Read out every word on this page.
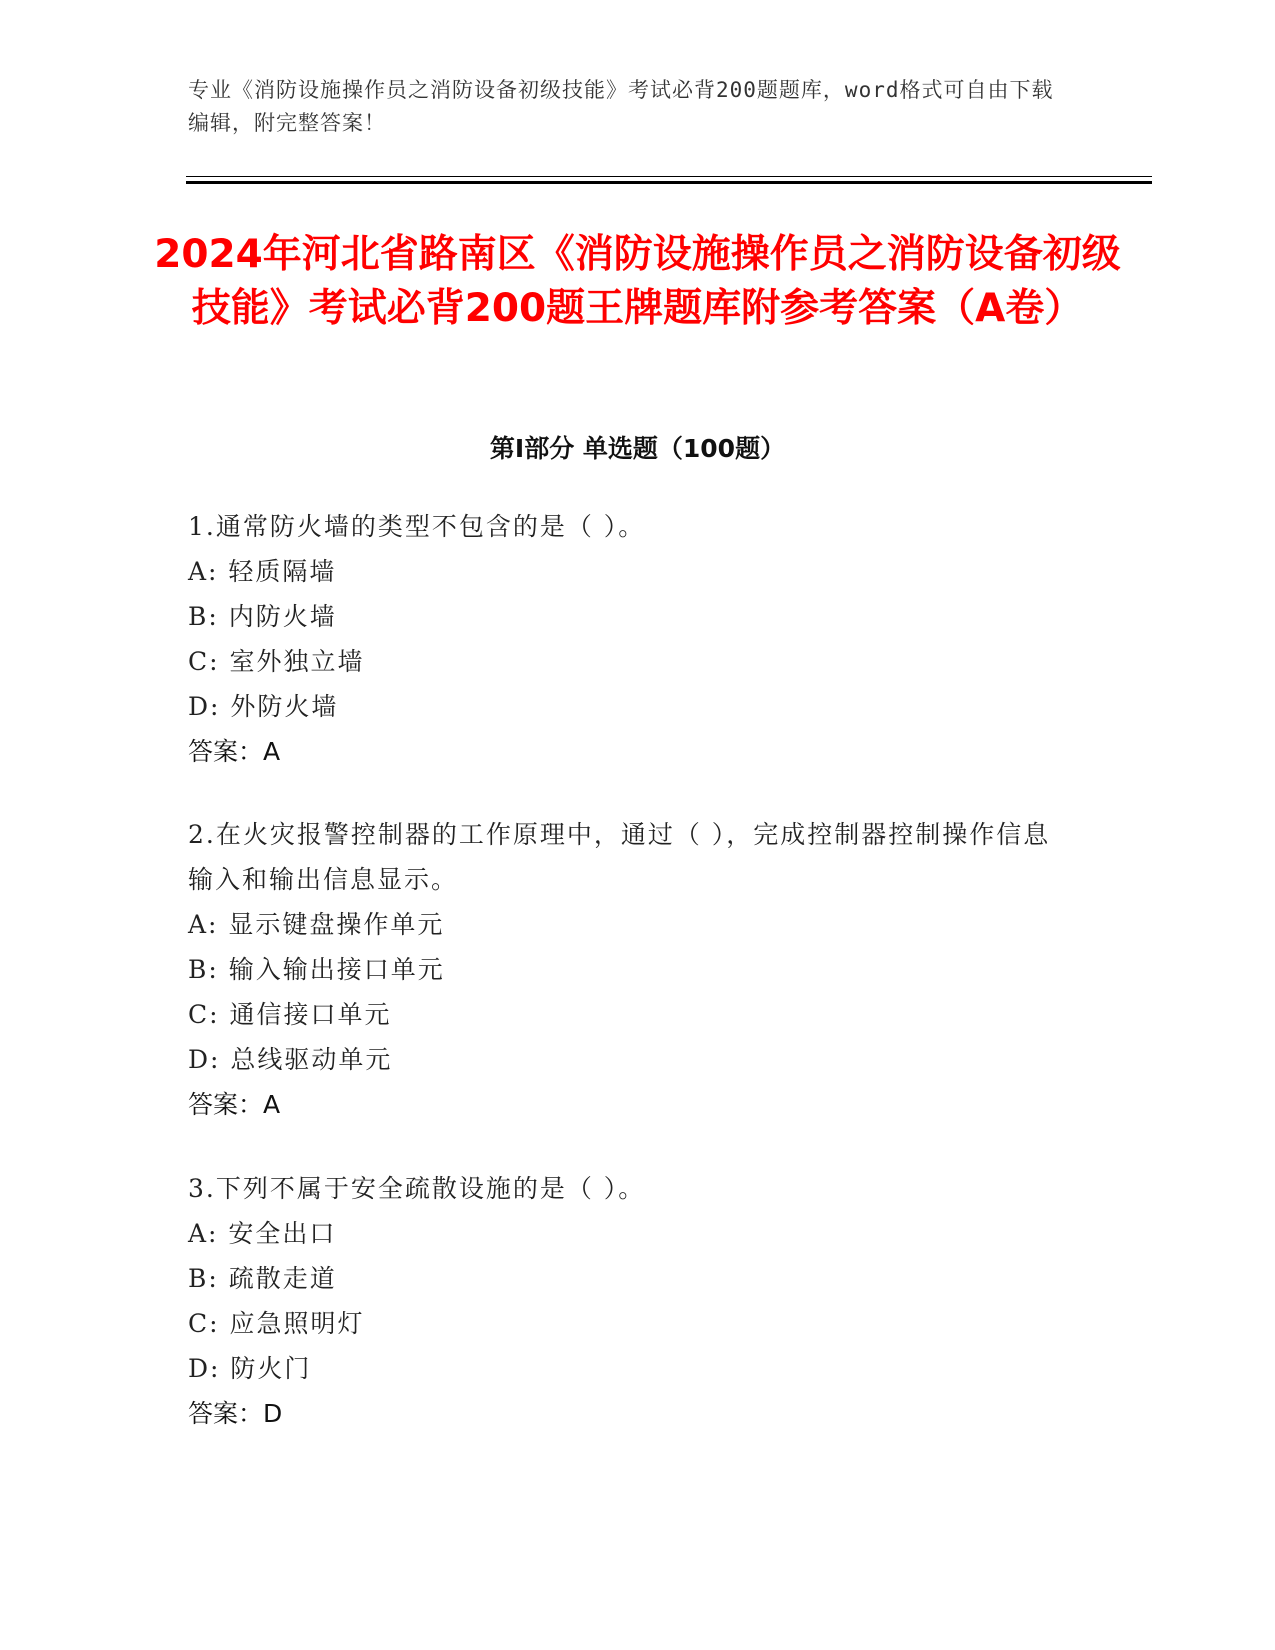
专业《消防设施操作员之消防设备初级技能》考试必背200题题库，word格式可自由下载编辑，附完整答案！
2024年河北省路南区《消防设施操作员之消防设备初级技能》考试必背200题王牌题库附参考答案（A卷）
第I部分 单选题（100题）

1.通常防火墙的类型不包含的是（ ）。

A: 轻质隔墙

B: 内防火墙

C: 室外独立墙

D: 外防火墙

答案：A

2.在火灾报警控制器的工作原理中，通过（ ），完成控制器控制操作信息输入和输出信息显示。

A: 显示键盘操作单元

B: 输入输出接口单元

C: 通信接口单元

D: 总线驱动单元

答案：A

3.下列不属于安全疏散设施的是（ ）。

A: 安全出口

B: 疏散走道

C: 应急照明灯

D: 防火门

答案：D
